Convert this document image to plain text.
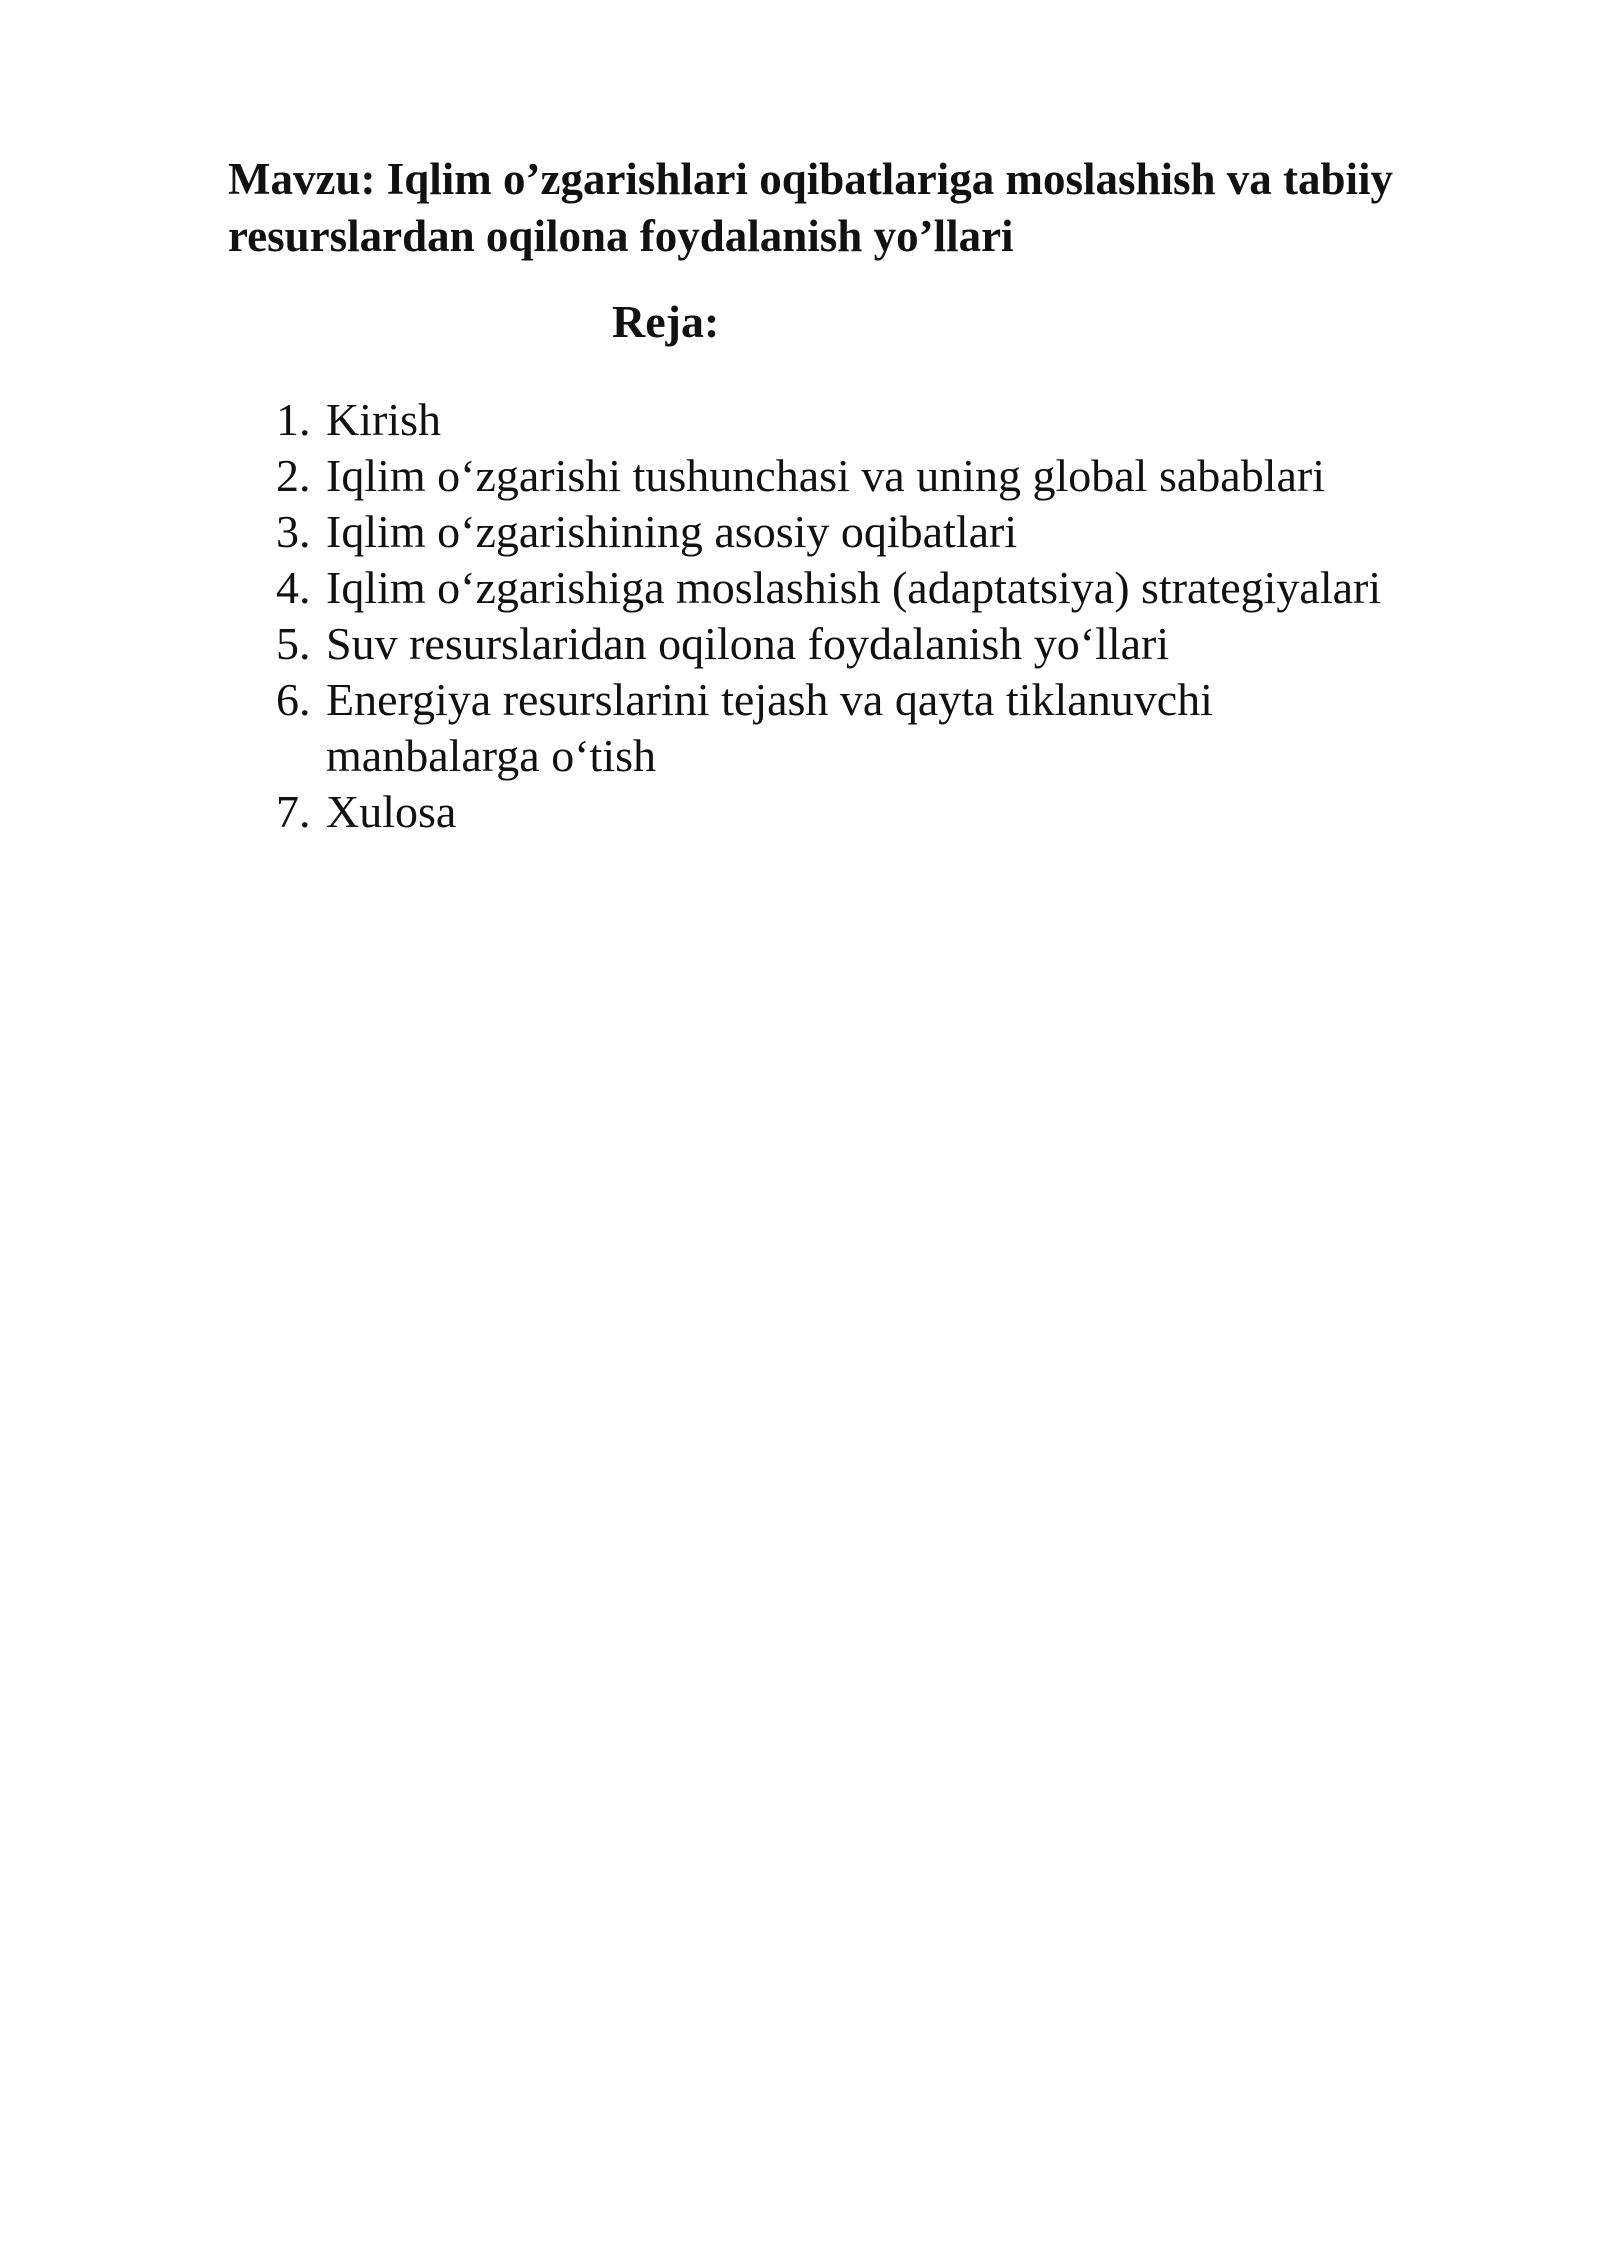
Mavzu: Iqlim o’zgarishlari oqibatlariga moslashish va tabiiy
resurslardan oqilona foydalanish yo’llari
Reja:
1. Kirish
2. Iqlim o‘zgarishi tushunchasi va uning global sabablari
3. Iqlim o‘zgarishining asosiy oqibatlari
4. Iqlim o‘zgarishiga moslashish (adaptatsiya) strategiyalari
5. Suv resurslaridan oqilona foydalanish yo‘llari
6. Energiya resurslarini tejash va qayta tiklanuvchi
manbalarga o‘tish
7. Xulosa
